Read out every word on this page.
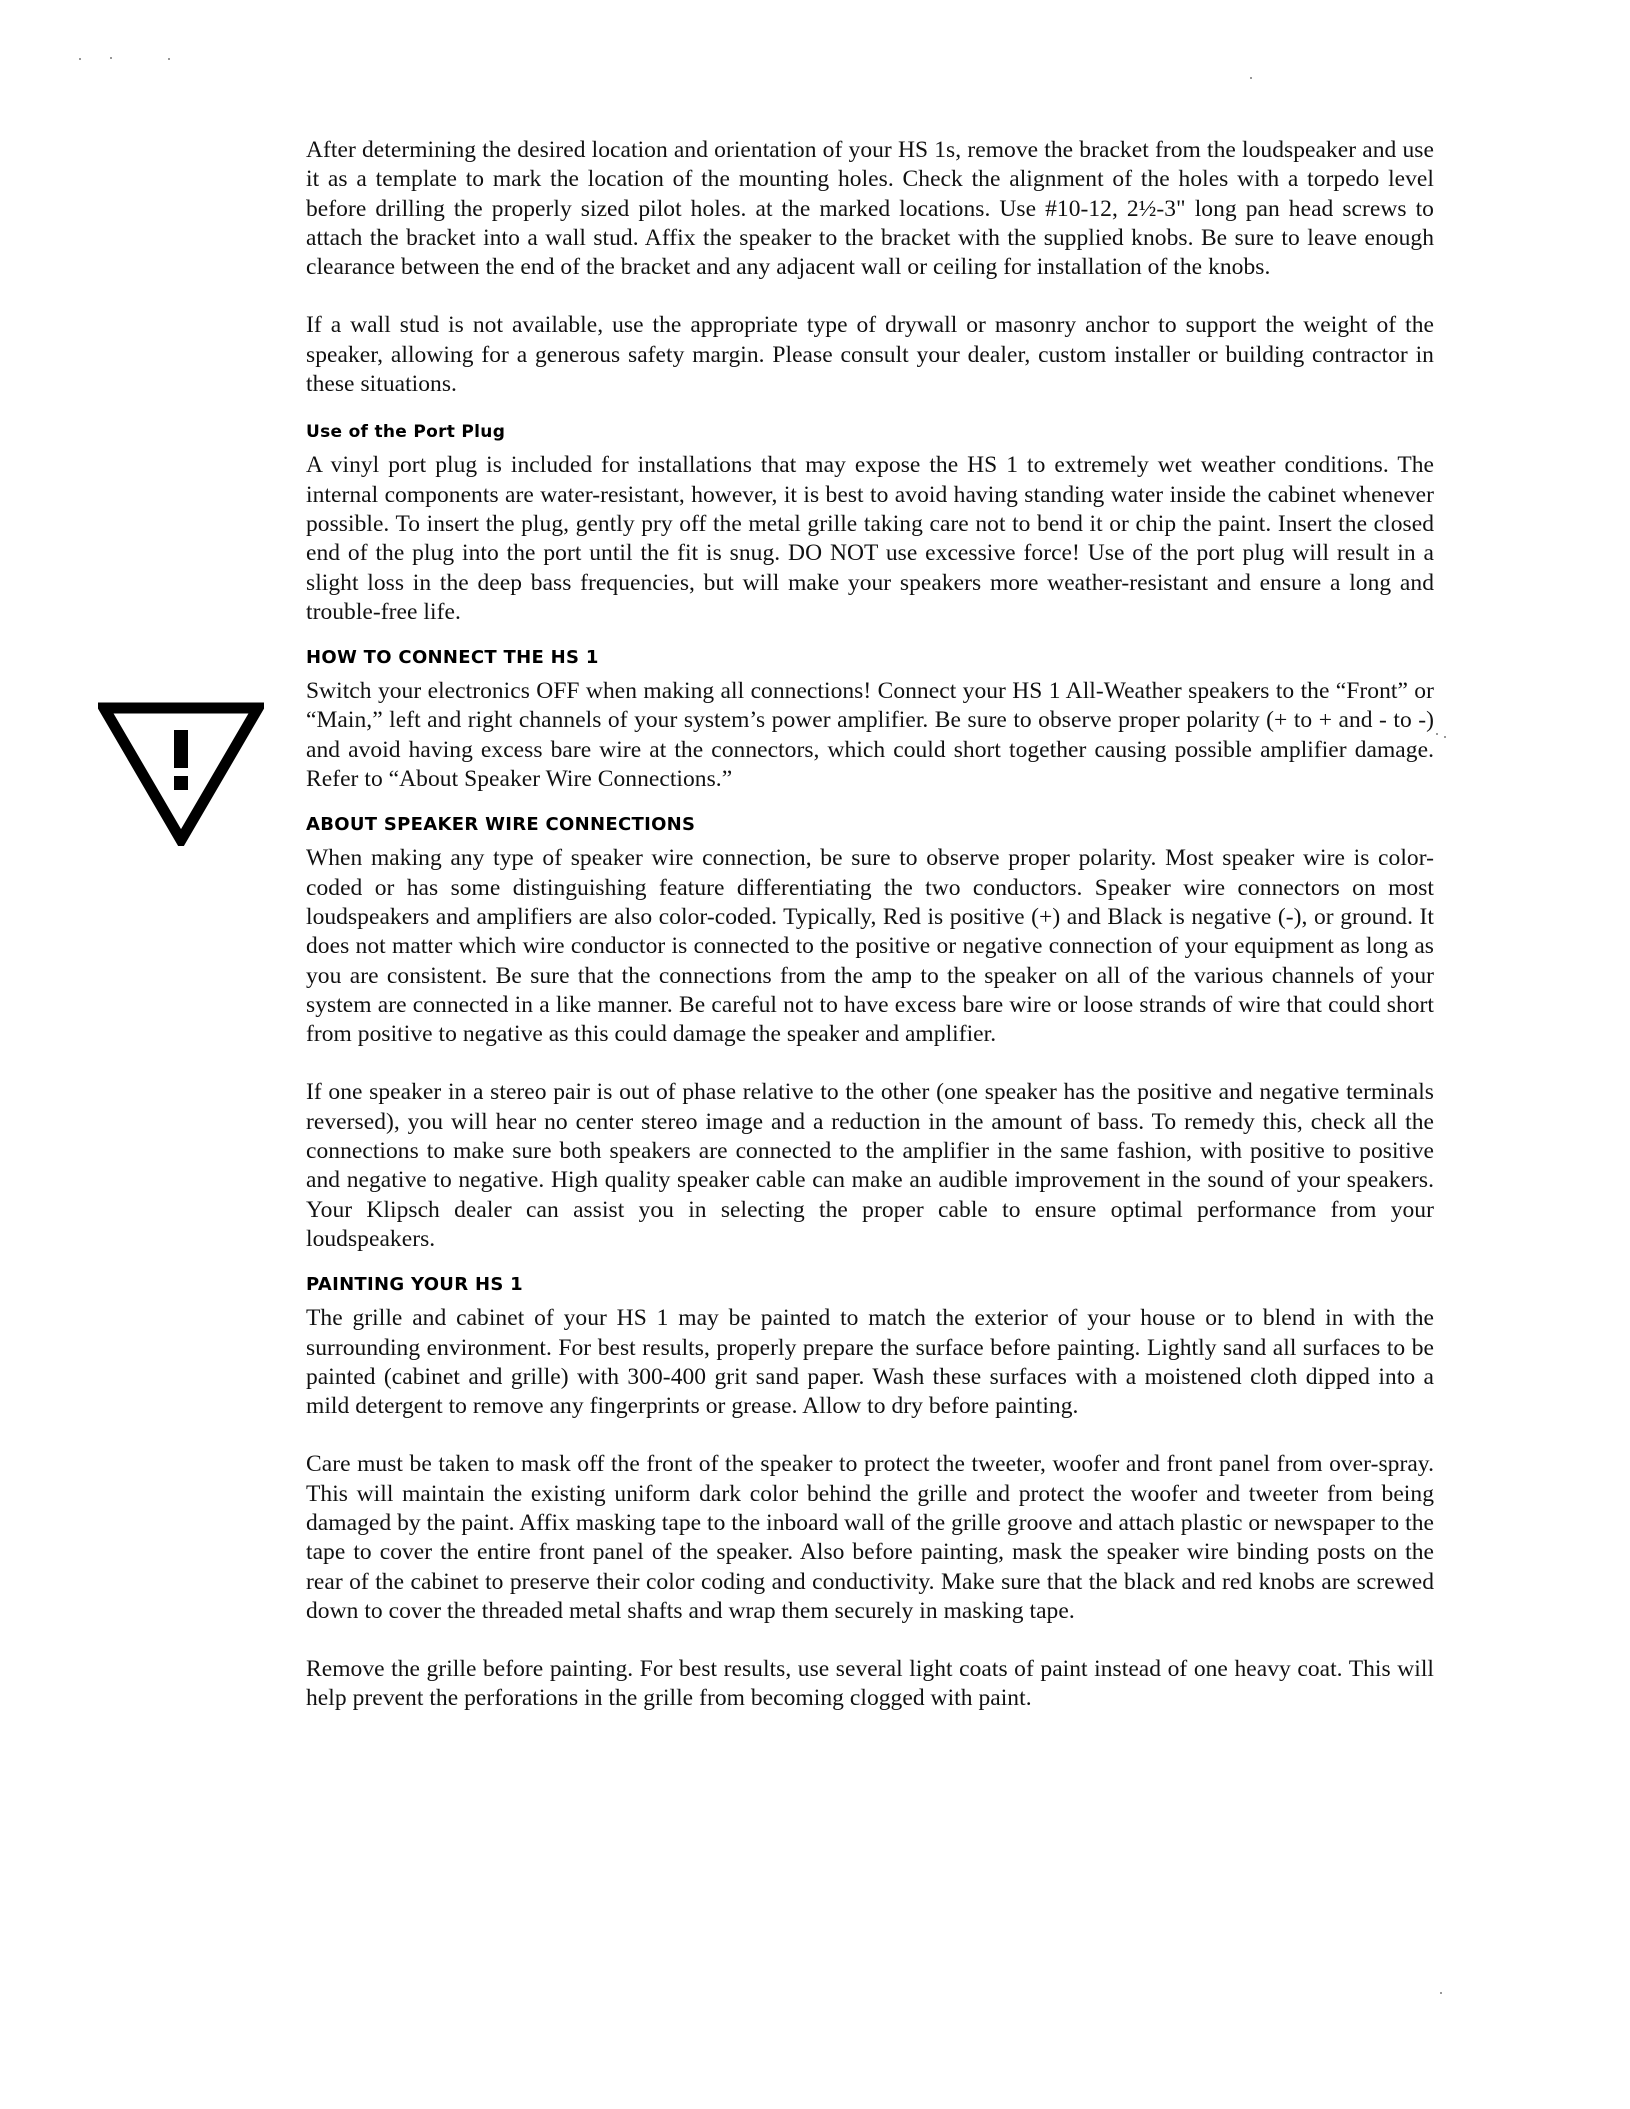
After determining the desired location and orientation of your HS 1s, remove the bracket from the loudspeaker and use it as a template to mark the location of the mounting holes. Check the alignment of the holes with a torpedo level before drilling the properly sized pilot holes. at the marked locations. Use #10-12, 2½-3" long pan head screws to attach the bracket into a wall stud. Affix the speaker to the bracket with the supplied knobs. Be sure to leave enough clearance between the end of the bracket and any adjacent wall or ceiling for installation of the knobs.

If a wall stud is not available, use the appropriate type of drywall or masonry anchor to support the weight of the speaker, allowing for a generous safety margin. Please consult your dealer, custom installer or building contractor in these situations.

Use of the Port Plug

A vinyl port plug is included for installations that may expose the HS 1 to extremely wet weather conditions. The internal components are water-resistant, however, it is best to avoid having standing water inside the cabinet whenever possible. To insert the plug, gently pry off the metal grille taking care not to bend it or chip the paint. Insert the closed end of the plug into the port until the fit is snug. DO NOT use excessive force! Use of the port plug will result in a slight loss in the deep bass frequencies, but will make your speakers more weather-resistant and ensure a long and trouble-free life.

HOW TO CONNECT THE HS 1

Switch your electronics OFF when making all connections! Connect your HS 1 All-Weather speakers to the “Front” or “Main,” left and right channels of your system’s power amplifier. Be sure to observe proper polarity (+ to + and - to -) and avoid having excess bare wire at the connectors, which could short together causing possible amplifier damage. Refer to “About Speaker Wire Connections.”

ABOUT SPEAKER WIRE CONNECTIONS

When making any type of speaker wire connection, be sure to observe proper polarity. Most speaker wire is color-coded or has some distinguishing feature differentiating the two conductors. Speaker wire connectors on most loudspeakers and amplifiers are also color-coded. Typically, Red is positive (+) and Black is negative (-), or ground. It does not matter which wire conductor is connected to the positive or negative connection of your equipment as long as you are consistent. Be sure that the connections from the amp to the speaker on all of the various channels of your system are connected in a like manner. Be careful not to have excess bare wire or loose strands of wire that could short from positive to negative as this could damage the speaker and amplifier.

If one speaker in a stereo pair is out of phase relative to the other (one speaker has the positive and negative terminals reversed), you will hear no center stereo image and a reduction in the amount of bass. To remedy this, check all the connections to make sure both speakers are connected to the amplifier in the same fashion, with positive to positive and negative to negative. High quality speaker cable can make an audible improvement in the sound of your speakers. Your Klipsch dealer can assist you in selecting the proper cable to ensure optimal performance from your loudspeakers.

PAINTING YOUR HS 1

The grille and cabinet of your HS 1 may be painted to match the exterior of your house or to blend in with the surrounding environment. For best results, properly prepare the surface before painting. Lightly sand all surfaces to be painted (cabinet and grille) with 300-400 grit sand paper. Wash these surfaces with a moistened cloth dipped into a mild detergent to remove any fingerprints or grease. Allow to dry before painting.

Care must be taken to mask off the front of the speaker to protect the tweeter, woofer and front panel from over-spray. This will maintain the existing uniform dark color behind the grille and protect the woofer and tweeter from being damaged by the paint. Affix masking tape to the inboard wall of the grille groove and attach plastic or newspaper to the tape to cover the entire front panel of the speaker. Also before painting, mask the speaker wire binding posts on the rear of the cabinet to preserve their color coding and conductivity. Make sure that the black and red knobs are screwed down to cover the threaded metal shafts and wrap them securely in masking tape.

Remove the grille before painting. For best results, use several light coats of paint instead of one heavy coat. This will help prevent the perforations in the grille from becoming clogged with paint.
